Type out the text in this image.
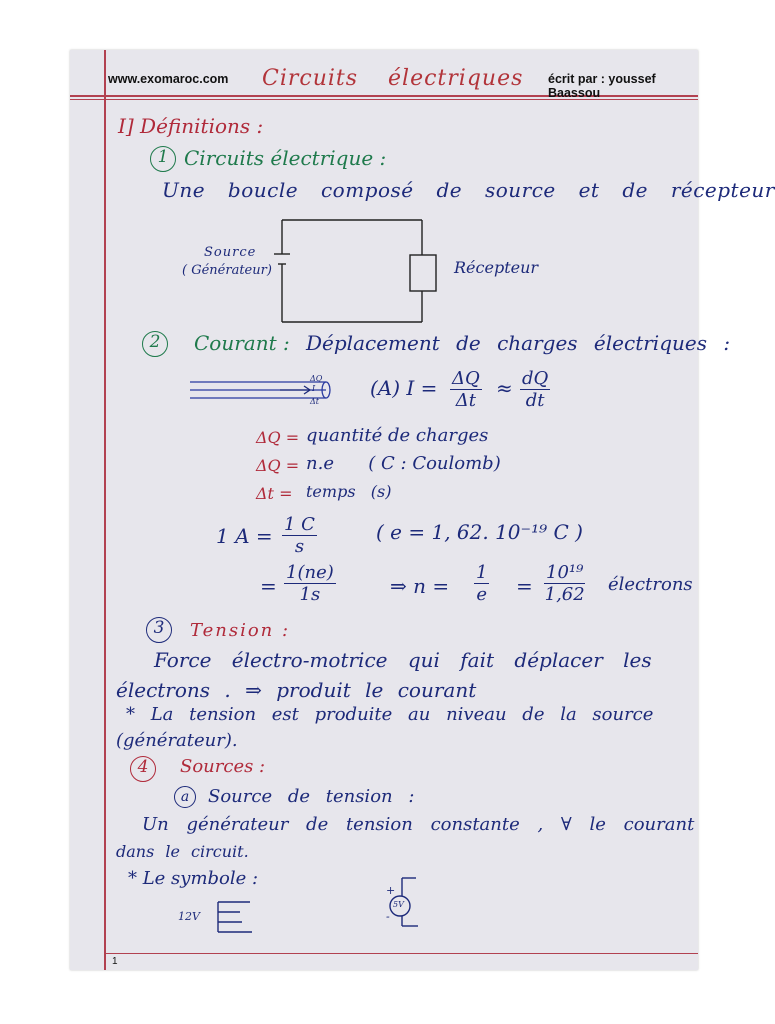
www.exomaroc.com Circuits électriques écrit par : youssef Baassou
I] Définitions :
1 Circuits électrique :
Une boucle composé de source et de récepteur
Source
( Générateur)	Récepteur
2	Courant : Déplacement de charges électriques :
ΔQ
I
Δt
(A) $I = \frac{\Delta Q}{\Delta t} \approx \frac{dQ}{dt}$
ΔQ = quantité de charges
ΔQ = n.e      ( C : Coulomb)
Δt = temps   (s)
1 $A = \frac{1 C}{s}$	( e = 1, 62. 10⁻¹⁹ C )
= $\frac{1(ne)}{1s}$	⇒ $n = \frac{1}{e} = \frac{\text{10¹⁹}}{1,62}$ électrons
3	Tension :
Force électro-motrice qui fait déplacer les
électrons . ⇒ produit le courant
* La tension est produite au niveau de la source
(générateur).
4	Sources :
a	Source de tension :
Un générateur de tension constante , ∀ le courant
dans le circuit.
* Le symbole :
12V
+
5V
-
1
